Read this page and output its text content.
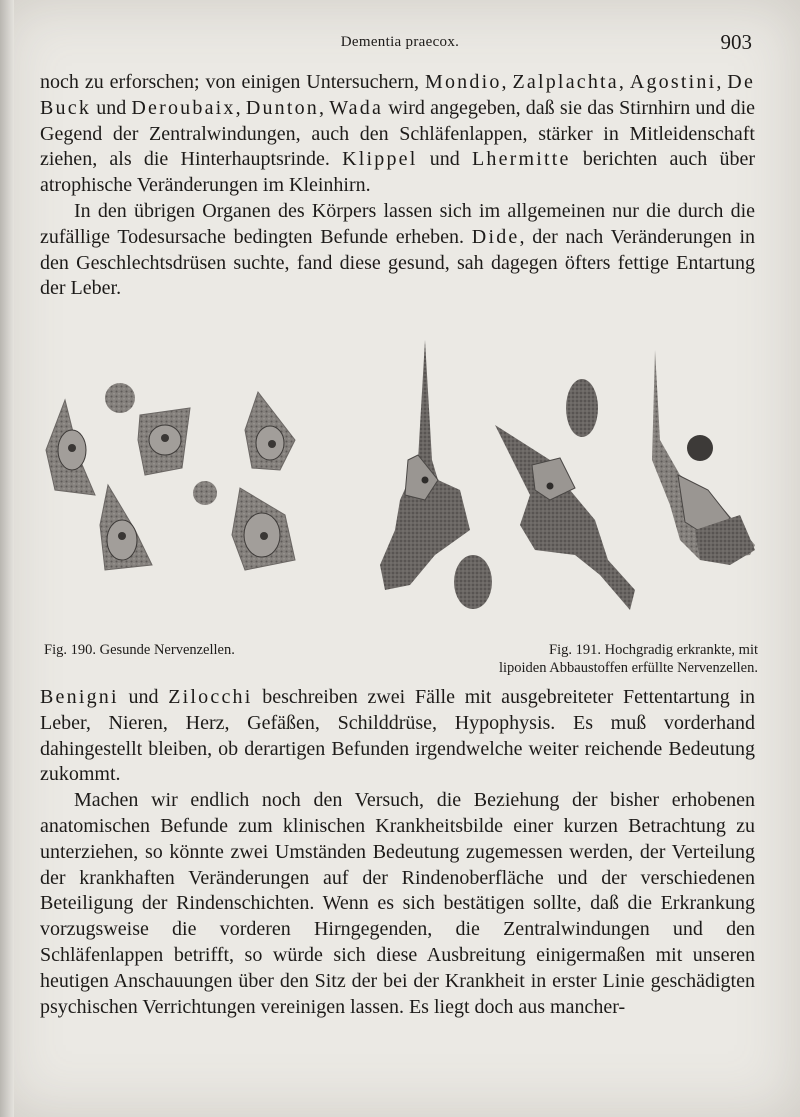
Dementia praecox.	903

noch zu erforschen; von einigen Untersuchern, Mondio, Zalplachta, Agostini, De Buck und Deroubaix, Dunton, Wada wird angegeben, daß sie das Stirnhirn und die Gegend der Zentralwindungen, auch den Schläfenlappen, stärker in Mitleidenschaft ziehen, als die Hinterhauptsrinde. Klippel und Lhermitte berichten auch über atrophische Veränderungen im Kleinhirn.

In den übrigen Organen des Körpers lassen sich im allgemeinen nur die durch die zufällige Todesursache bedingten Befunde erheben. Dide, der nach Veränderungen in den Geschlechtsdrüsen suchte, fand diese gesund, sah dagegen öfters fettige Entartung der Leber.

Fig. 190. Gesunde Nervenzellen.	Fig. 191. Hochgradig erkrankte, mit
lipoiden Abbaustoffen erfüllte Nervenzellen.

Benigni und Zilocchi beschreiben zwei Fälle mit ausgebreiteter Fettentartung in Leber, Nieren, Herz, Gefäßen, Schilddrüse, Hypophysis. Es muß vorderhand dahingestellt bleiben, ob derartigen Befunden irgendwelche weiter reichende Bedeutung zukommt.

Machen wir endlich noch den Versuch, die Beziehung der bisher erhobenen anatomischen Befunde zum klinischen Krankheitsbilde einer kurzen Betrachtung zu unterziehen, so könnte zwei Umständen Bedeutung zugemessen werden, der Verteilung der krankhaften Veränderungen auf der Rindenoberfläche und der verschiedenen Beteiligung der Rindenschichten. Wenn es sich bestätigen sollte, daß die Erkrankung vorzugsweise die vorderen Hirngegenden, die Zentralwindungen und den Schläfenlappen betrifft, so würde sich diese Ausbreitung einigermaßen mit unseren heutigen Anschauungen über den Sitz der bei der Krankheit in erster Linie geschädigten psychischen Verrichtungen vereinigen lassen. Es liegt doch aus mancher-
